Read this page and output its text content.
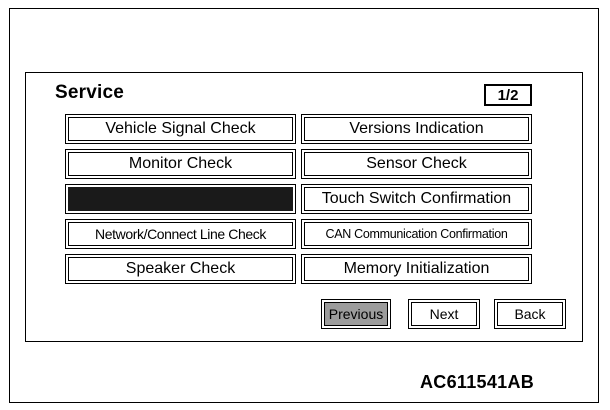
Service	1/2
Vehicle Signal Check
Monitor Check
Network/Connect Line Check
Speaker Check
Versions Indication
Sensor Check
Touch Switch Confirmation
CAN Communication Confirmation
Memory Initialization
Previous	Next	Back
AC611541AB
